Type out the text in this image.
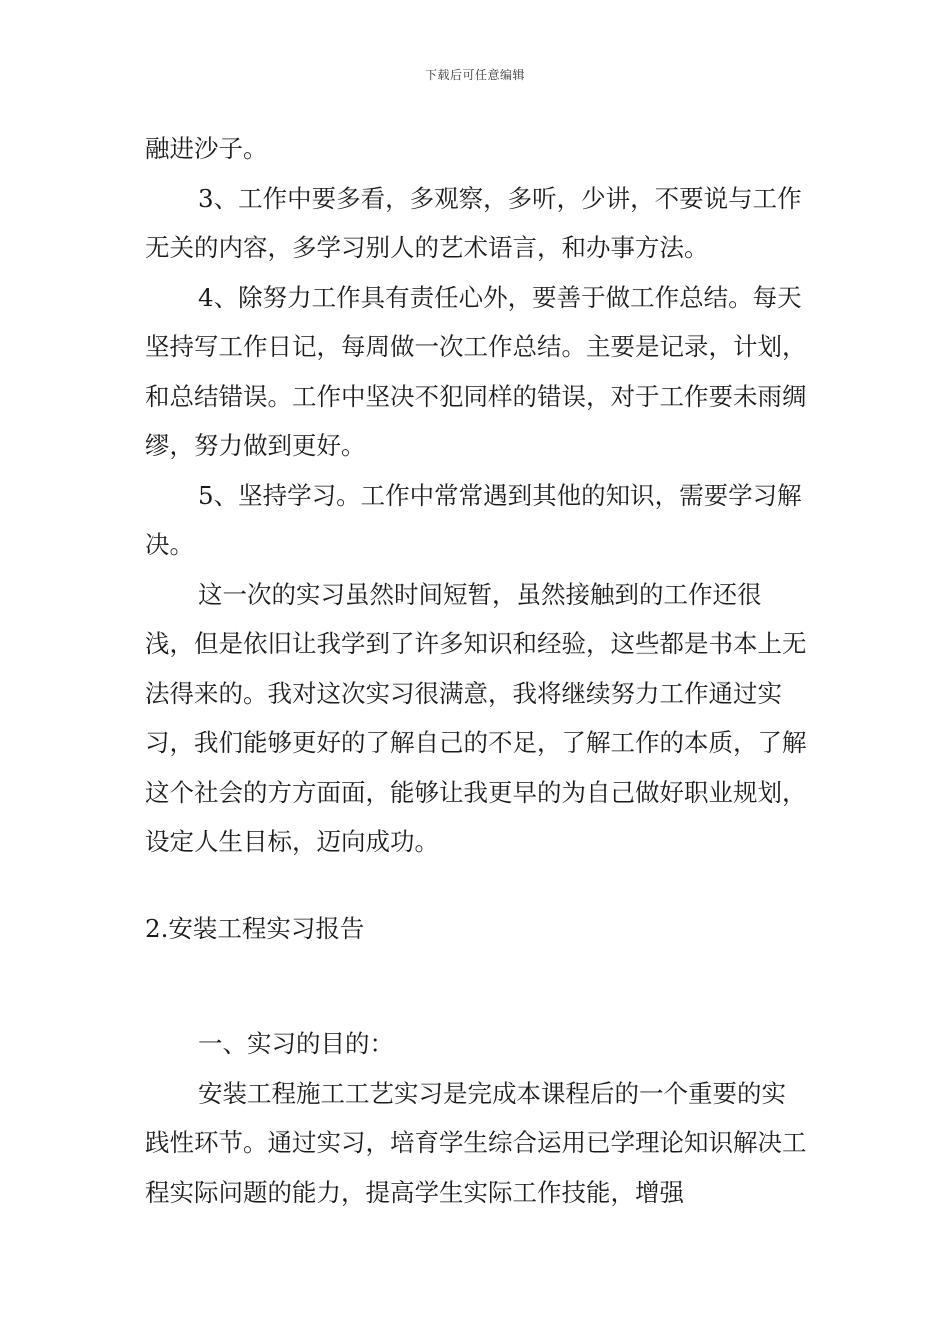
下载后可任意编辑

融进沙子。

3、工作中要多看，多观察，多听，少讲，不要说与工作无关的内容，多学习别人的艺术语言，和办事方法。

4、除努力工作具有责任心外，要善于做工作总结。每天坚持写工作日记，每周做一次工作总结。主要是记录，计划，和总结错误。工作中坚决不犯同样的错误，对于工作要未雨绸缪，努力做到更好。

5、坚持学习。工作中常常遇到其他的知识，需要学习解决。

这一次的实习虽然时间短暂，虽然接触到的工作还很浅，但是依旧让我学到了许多知识和经验，这些都是书本上无法得来的。我对这次实习很满意，我将继续努力工作通过实习，我们能够更好的了解自己的不足，了解工作的本质，了解这个社会的方方面面，能够让我更早的为自己做好职业规划，设定人生目标，迈向成功。

2.安装工程实习报告

一、实习的目的：

安装工程施工工艺实习是完成本课程后的一个重要的实践性环节。通过实习，培育学生综合运用已学理论知识解决工程实际问题的能力，提高学生实际工作技能，增强
